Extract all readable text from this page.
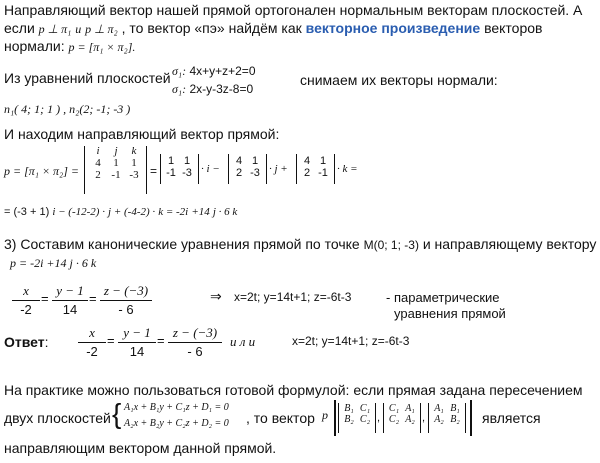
Направляющий вектор нашей прямой ортогонален нормальным векторам плоскостей. А
если p ⊥ π₁ и p ⊥ π₂ , то вектор «пэ» найдём как векторное произведение векторов
нормали: p = [π₁ × π₂].
Из уравнений плоскостей σ₁: 4x+y+z+2=0
σ₁: 2x-y-3z-8=0
снимаем их векторы нормали:
n₁( 4; 1; 1 ) , n₂(2; -1; -3 )
И находим направляющий вектор прямой:
p = [π₁ × π₂] =
i j k
4 1 1
2 -1 -3 =
1 1
-1 -3 · i −
4 1
2 -3 · j +
4 1
2 -1 · k =
= (-3 + 1) i − (-12-2) · j + (-4-2) · k = -2i +14 j · 6 k
3) Составим канонические уравнения прямой по точке M(0; 1; -3) и направляющему вектору
p = -2i +14 j · 6 k
x
-2
=
y − 1
14
=
z − (−3)
- 6
⇒ x=2t; y=14t+1; z=-6t-3	- параметрические
уравнения прямой
Ответ:
x
-2
=
y − 1
14
=
z − (−3)
- 6
и л и	x=2t; y=14t+1; z=-6t-3
На практике можно пользоваться готовой формулой: если прямая задана пересечением
двух плоскостей { A₁x + B₁y + C₁z + D₁ = 0
A₂x + B₂y + C₂z + D₂ = 0 , то вектор p	B₁ C₁
B₂ C₂ ,
C₁ A₁
C₂ A₂ ,
A₁ B₁
A₂ B₂	является
направляющим вектором данной прямой.
